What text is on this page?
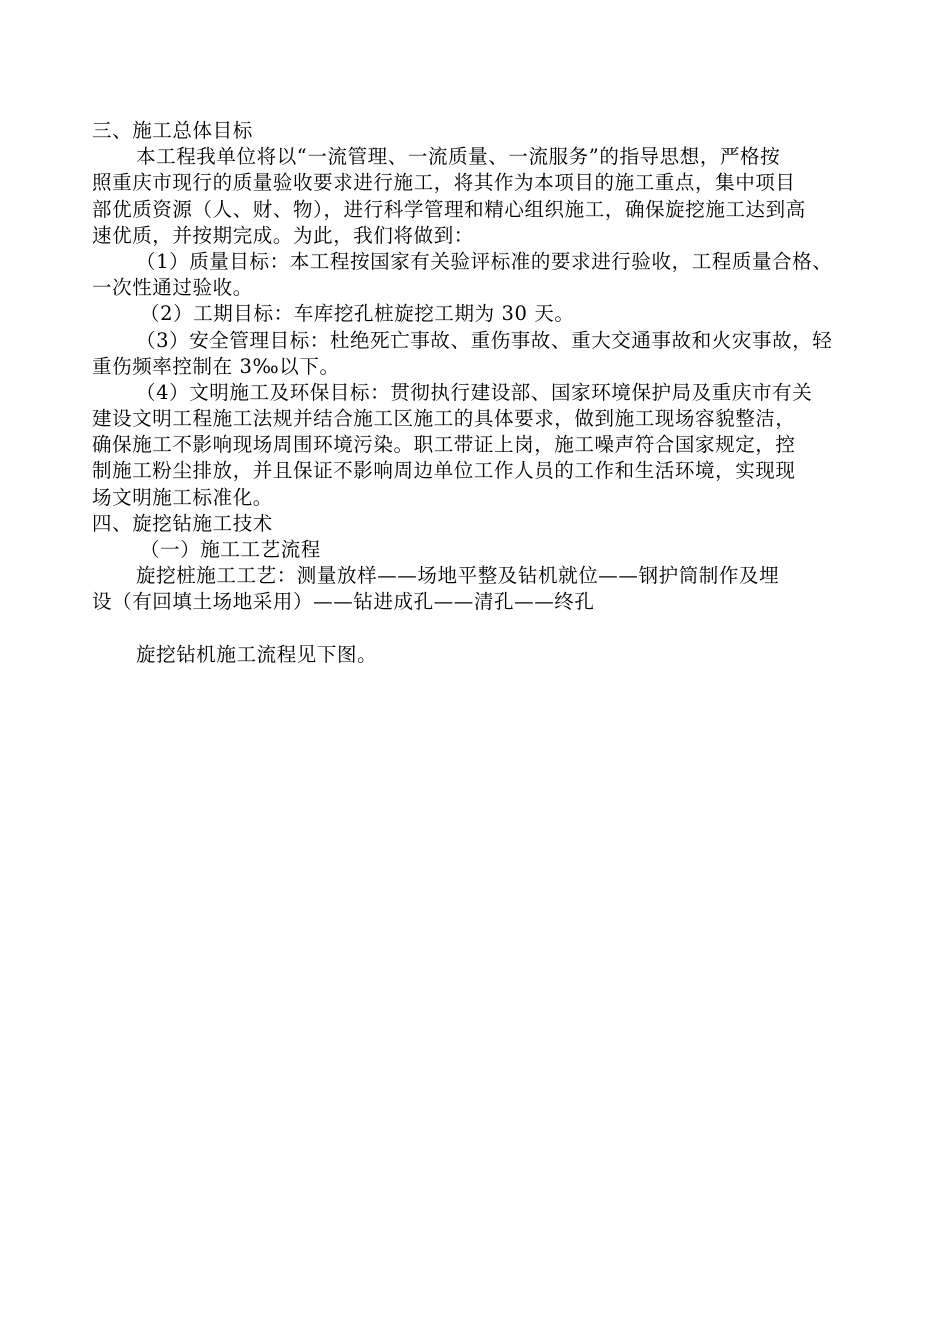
三、施工总体目标
本工程我单位将以“一流管理、一流质量、一流服务”的指导思想，严格按
照重庆市现行的质量验收要求进行施工，将其作为本项目的施工重点，集中项目
部优质资源（人、财、物），进行科学管理和精心组织施工，确保旋挖施工达到高
速优质，并按期完成。为此，我们将做到：
（1）质量目标：本工程按国家有关验评标准的要求进行验收，工程质量合格、
一次性通过验收。
（2）工期目标：车库挖孔桩旋挖工期为 30 天。
（3）安全管理目标：杜绝死亡事故、重伤事故、重大交通事故和火灾事故，轻
重伤频率控制在 3‰以下。
（4）文明施工及环保目标：贯彻执行建设部、国家环境保护局及重庆市有关
建设文明工程施工法规并结合施工区施工的具体要求，做到施工现场容貌整洁，
确保施工不影响现场周围环境污染。职工带证上岗，施工噪声符合国家规定，控
制施工粉尘排放，并且保证不影响周边单位工作人员的工作和生活环境，实现现
场文明施工标准化。
四、旋挖钻施工技术
（一）施工工艺流程
旋挖桩施工工艺：测量放样——场地平整及钻机就位——钢护筒制作及埋
设（有回填土场地采用）——钻进成孔——清孔——终孔
旋挖钻机施工流程见下图。
